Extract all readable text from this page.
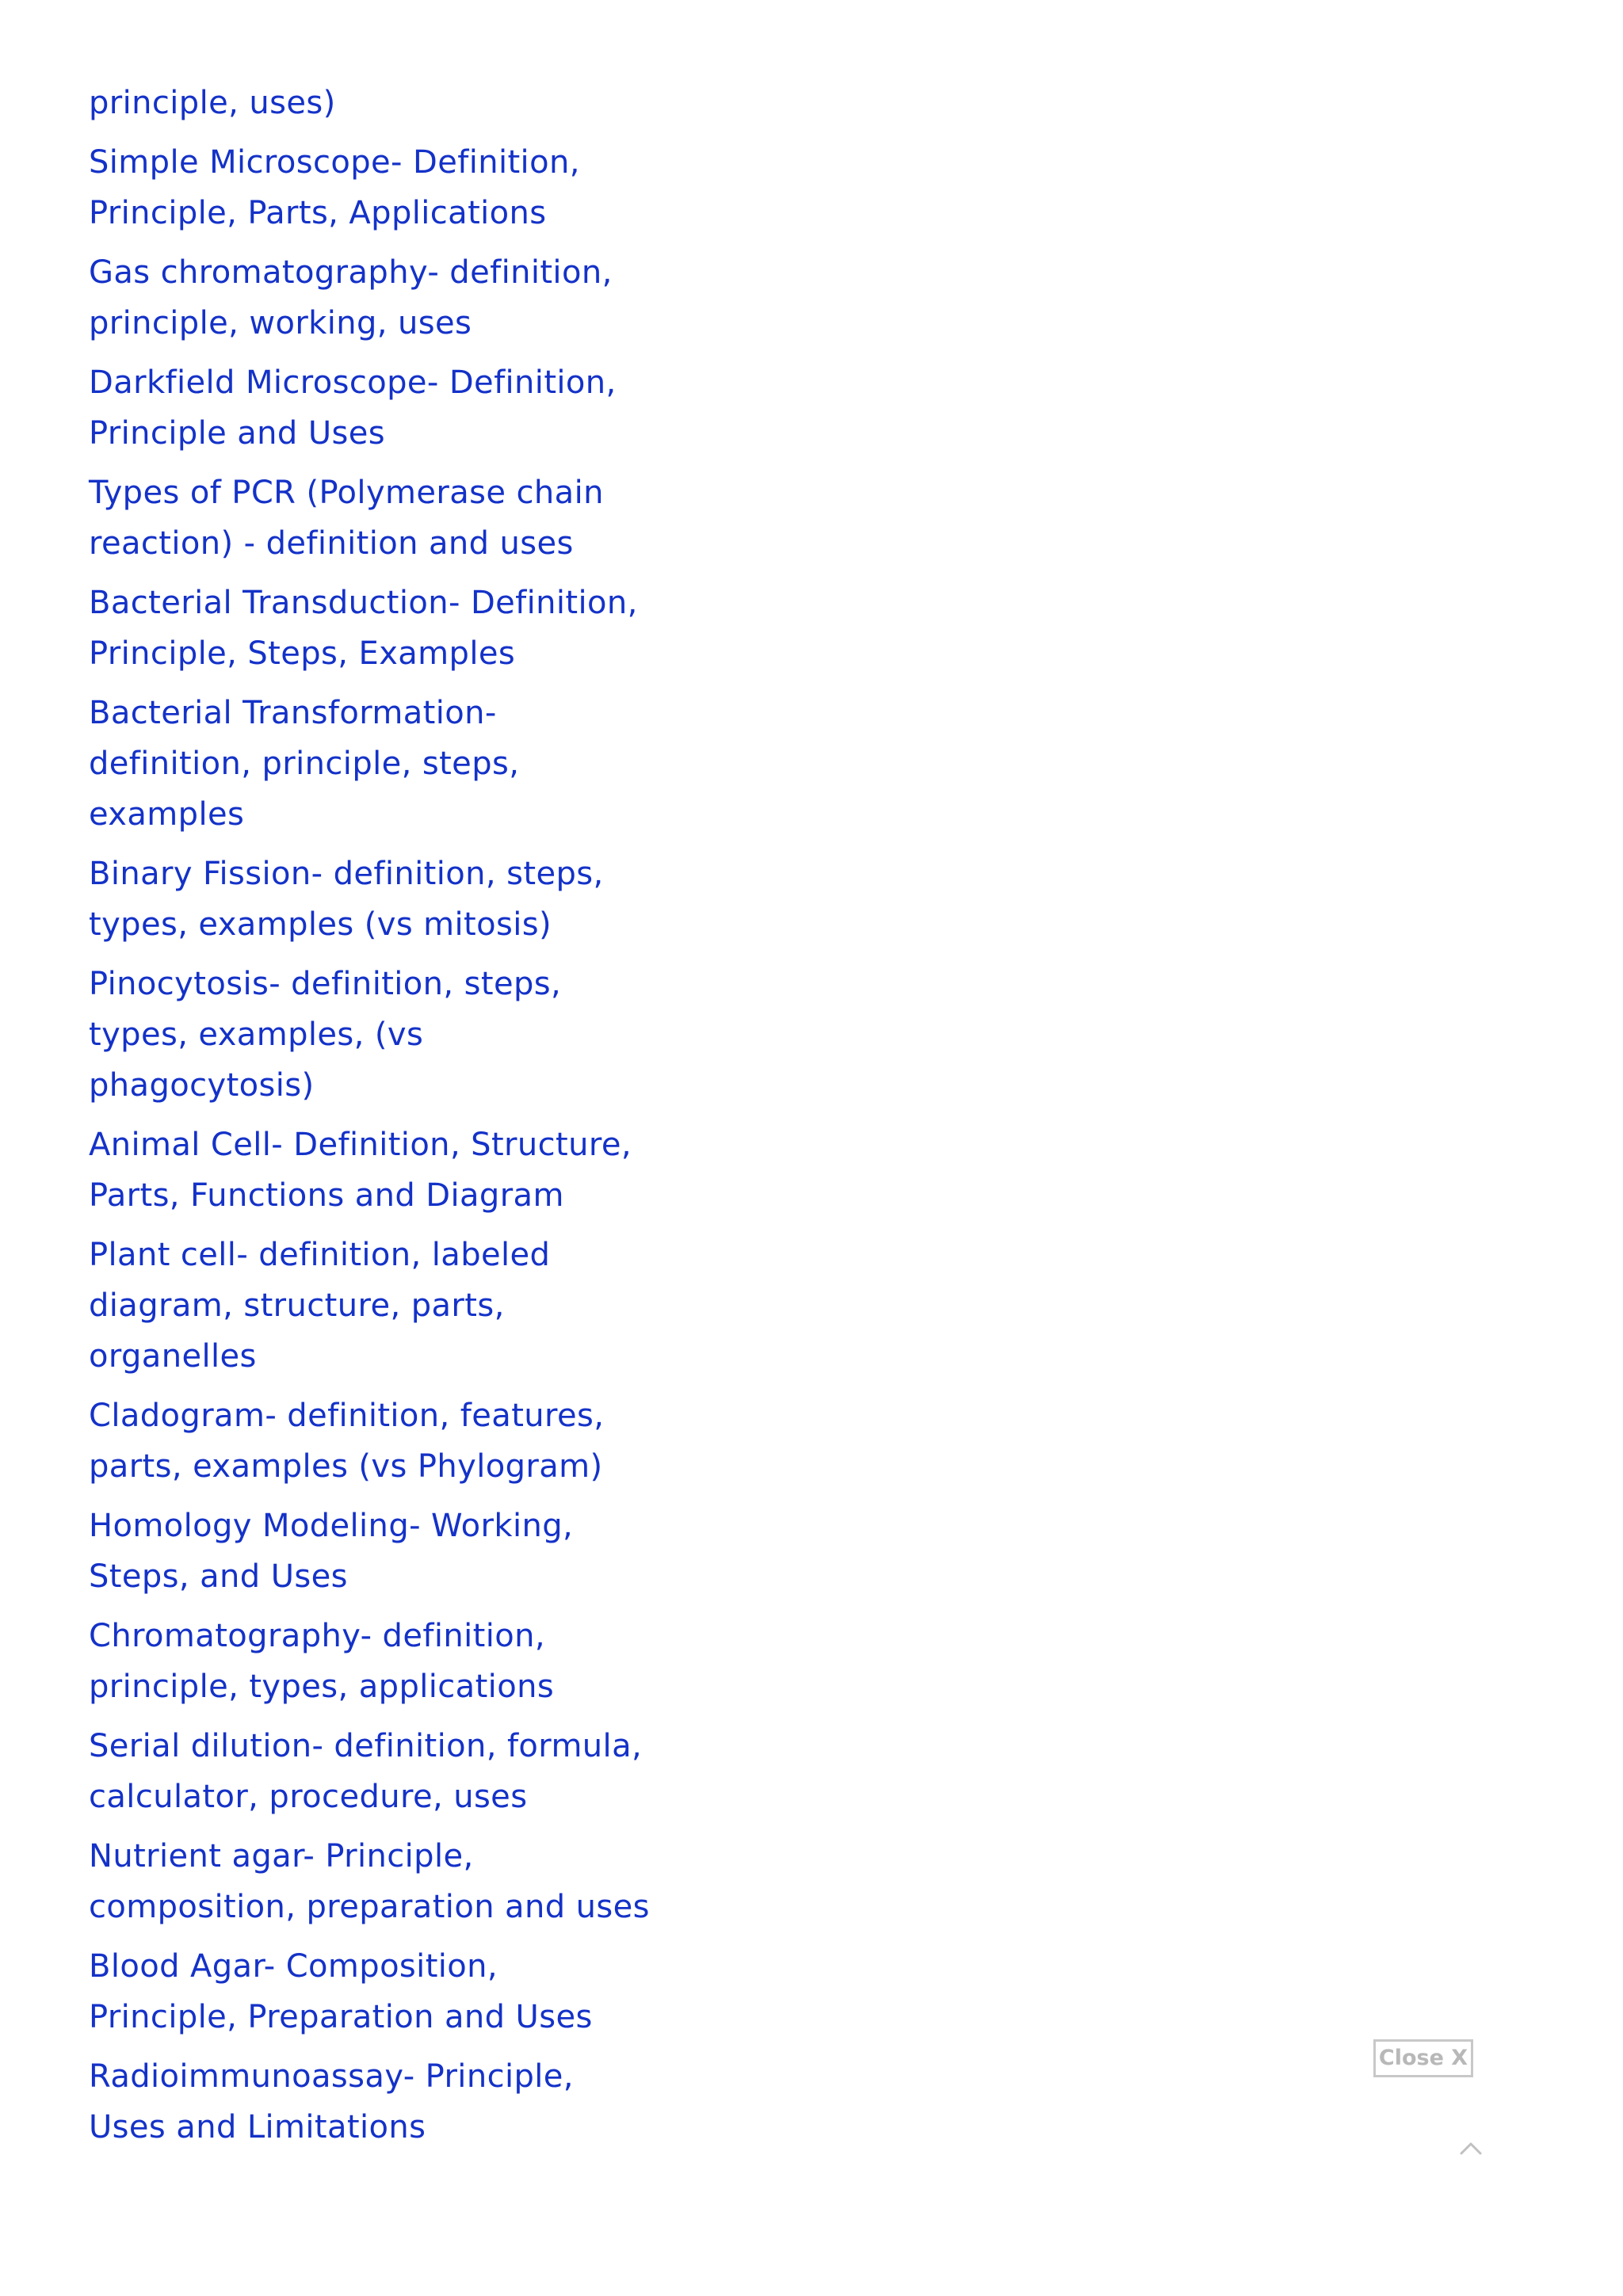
principle, uses)
Simple Microscope- Definition,
Principle, Parts, Applications
Gas chromatography- definition,
principle, working, uses
Darkfield Microscope- Definition,
Principle and Uses
Types of PCR (Polymerase chain
reaction) - definition and uses
Bacterial Transduction- Definition,
Principle, Steps, Examples
Bacterial Transformation-
definition, principle, steps,
examples
Binary Fission- definition, steps,
types, examples (vs mitosis)
Pinocytosis- definition, steps,
types, examples, (vs
phagocytosis)
Animal Cell- Definition, Structure,
Parts, Functions and Diagram
Plant cell- definition, labeled
diagram, structure, parts,
organelles
Cladogram- definition, features,
parts, examples (vs Phylogram)
Homology Modeling- Working,
Steps, and Uses
Chromatography- definition,
principle, types, applications
Serial dilution- definition, formula,
calculator, procedure, uses
Nutrient agar- Principle,
composition, preparation and uses
Blood Agar- Composition,
Principle, Preparation and Uses
Radioimmunoassay- Principle,
Uses and Limitations
Close X
